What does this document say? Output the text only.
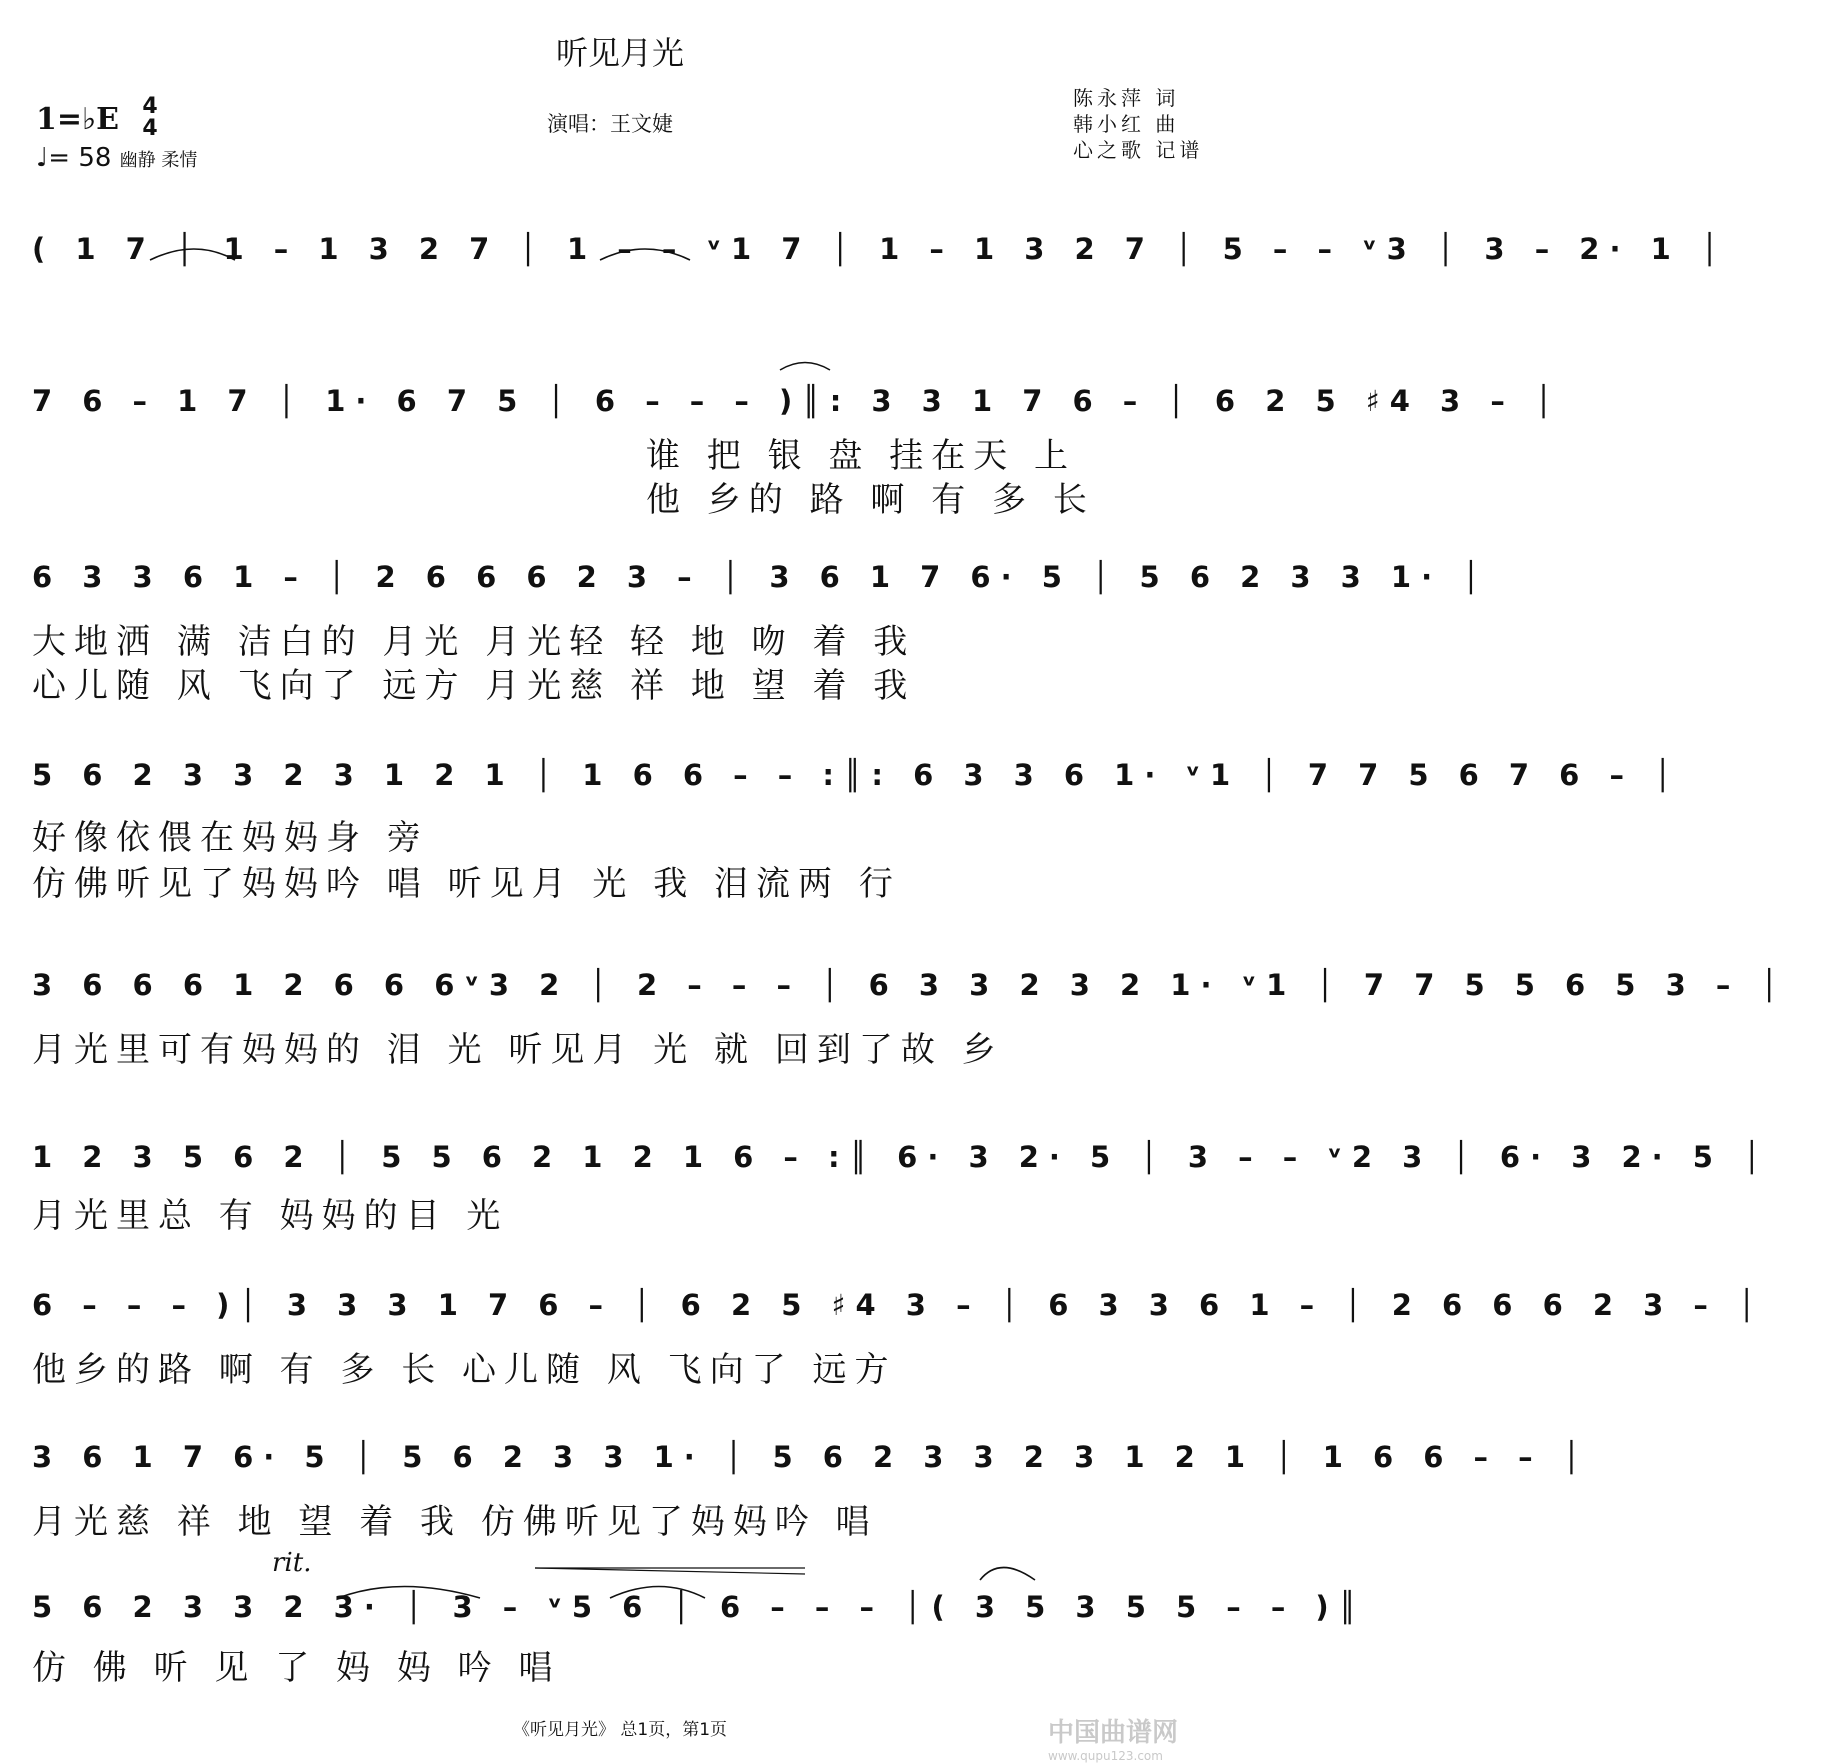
听见月光
1=♭E 4
4
♩= 58 幽静 柔情
演唱：王文婕
陈永萍 词
韩小红 曲
心之歌 记谱
( 1 7 │ 1 – 1 3 2 7 │ 1 – – ᵛ1 7 │ 1 – 1 3 2 7 │ 5 – – ᵛ3 │ 3 – 2· 1 │
7 6 – 1 7 │ 1· 6 7 5 │ 6 – – – )║: 3 3 1 7 6 – │ 6 2 5 ♯4 3 – │
谁 把 银 盘 挂在天 上
他 乡的 路 啊 有 多 长
6 3 3 6 1 – │ 2 6 6 6 2 3 – │ 3 6 1 7 6· 5 │ 5 6 2 3 3 1· │
大地洒 满 洁白的 月光 月光轻 轻 地 吻 着 我
心儿随 风 飞向了 远方 月光慈 祥 地 望 着 我
5 6 2 3 3 2 3 1 2 1 │ 1 6 6 – – :║: 6 3 3 6 1· ᵛ1 │ 7 7 5 6 7 6 – │
好像依偎在妈妈身 旁
仿佛听见了妈妈吟 唱 听见月 光 我 泪流两 行
3 6 6 6 1 2 6 6 6ᵛ3 2 │ 2 – – – │ 6 3 3 2 3 2 1· ᵛ1 │ 7 7 5 5 6 5 3 – │
月光里可有妈妈的 泪 光 听见月 光 就 回到了故 乡
1 2 3 5 6 2 │ 5 5 6 2 1 2 1 6 – :║ 6· 3 2· 5 │ 3 – – ᵛ2 3 │ 6· 3 2· 5 │
月光里总 有 妈妈的目 光
6 – – – )│ 3 3 3 1 7 6 – │ 6 2 5 ♯4 3 – │ 6 3 3 6 1 – │ 2 6 6 6 2 3 – │
他乡的路 啊 有 多 长 心儿随 风 飞向了 远方
3 6 1 7 6· 5 │ 5 6 2 3 3 1· │ 5 6 2 3 3 2 3 1 2 1 │ 1 6 6 – – │
月光慈 祥 地 望 着 我 仿佛听见了妈妈吟 唱
rit.
5 6 2 3 3 2 3· │ 3 – ᵛ5 6 │ 6 – – – │( 3 5 3 5 5 – – )║
仿 佛 听 见 了 妈 妈 吟 唱
《听见月光》 总1页，第1页	中国曲谱网
www.qupu123.com
